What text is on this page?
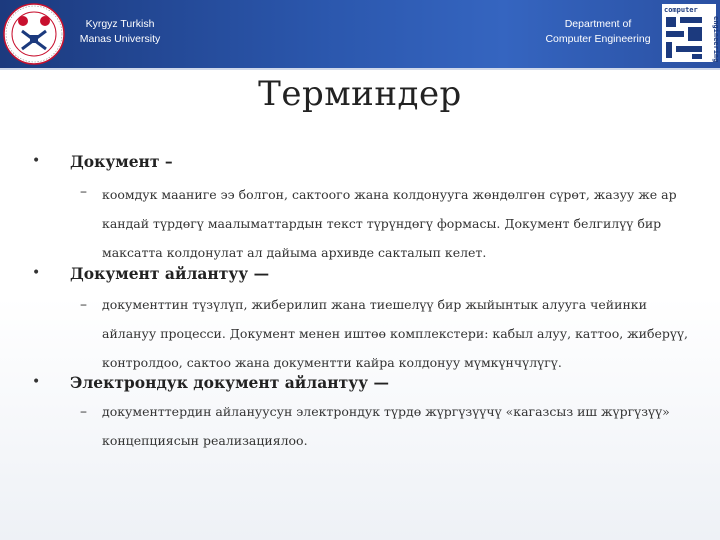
Kyrgyz Turkish
Manas University
Department of
Computer Engineering
computer
engineering
Терминдер
• Документ –
– коомдук мааниге ээ болгон, сактоого жана колдонууга жөндөлгөн сүрөт, жазуу же ар кандай түрдөгү маалыматтардын текст түрүндөгү формасы. Документ белгилүү бир максатта колдонулат ал дайыма архивде сакталып келет.
• Документ айлантуу —
– документтин түзүлүп, жиберилип жана тиешелүү бир жыйынтык алууга чейинки айлануу процесси. Документ менен иштөө комплекстери: кабыл алуу, каттоо, жиберүү, контролдоо, сактоо жана документти кайра колдонуу мүмкүнчүлүгү.
• Электрондук документ айлантуу —
– документтердин айлануусун электрондук түрдө жүргүзүүчү «кагазсыз иш жүргүзүү» концепциясын реализациялоо.
